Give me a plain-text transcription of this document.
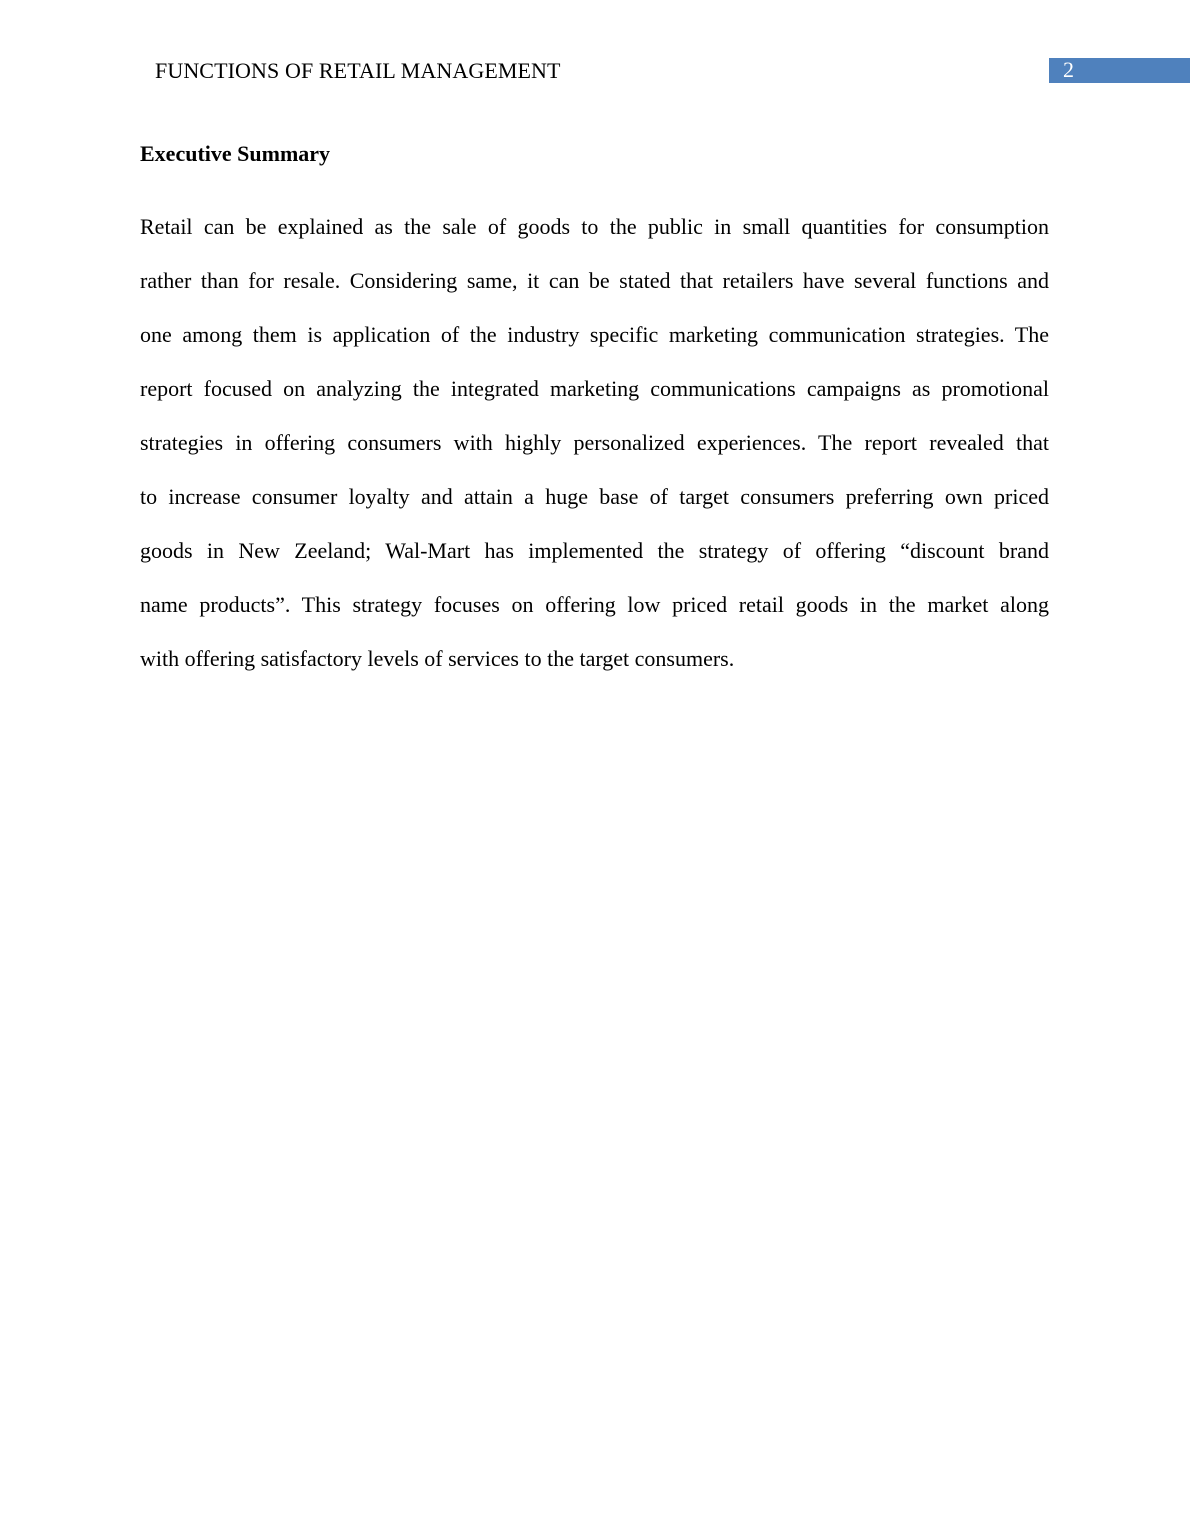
FUNCTIONS OF RETAIL MANAGEMENT	2
Executive Summary
Retail can be explained as the sale of goods to the public in small quantities for consumption
rather than for resale. Considering same, it can be stated that retailers have several functions and
one among them is application of the industry specific marketing communication strategies. The
report focused on analyzing the integrated marketing communications campaigns as promotional
strategies in offering consumers with highly personalized experiences. The report revealed that
to increase consumer loyalty and attain a huge base of target consumers preferring own priced
goods in New Zeeland; Wal-Mart has implemented the strategy of offering “discount brand
name products”. This strategy focuses on offering low priced retail goods in the market along
with offering satisfactory levels of services to the target consumers.
